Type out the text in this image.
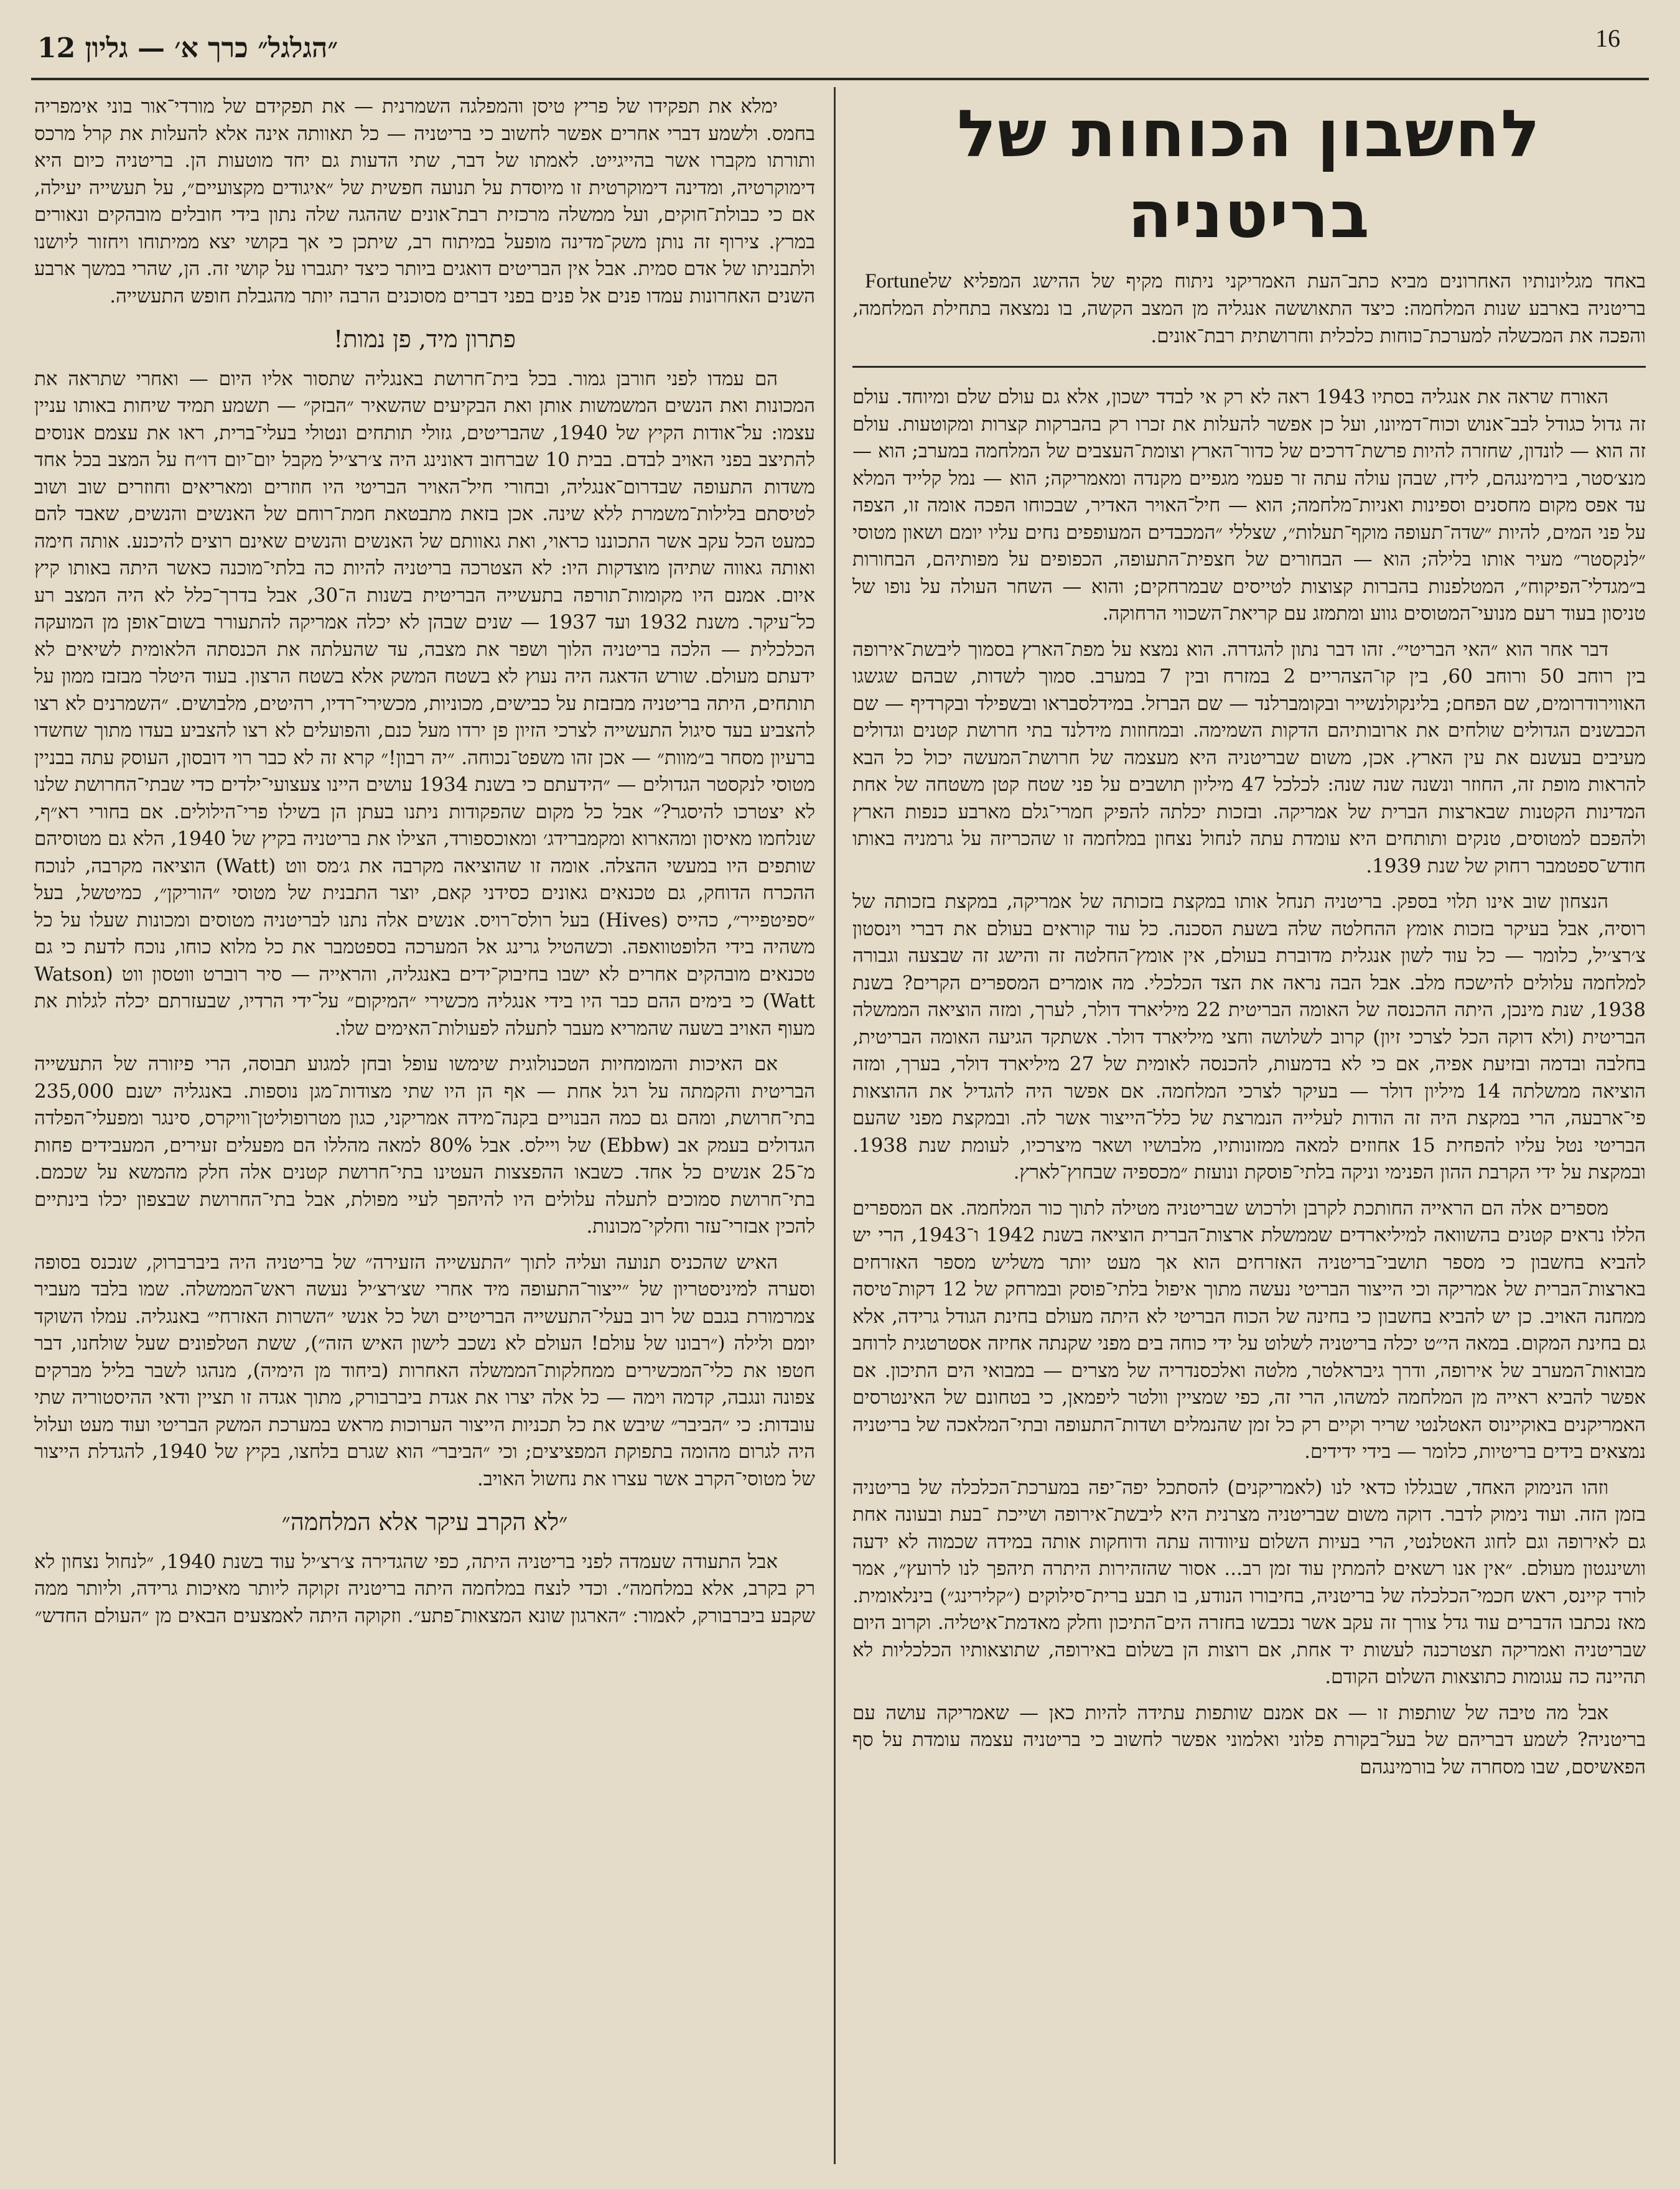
״הגלגל״ כרך א׳ — גליון 12	16
לחשבון הכוחות של בריטניה
Fortune באחד מגליונותיו האחרונים מביא כתב־העת האמריקני ניתוח מקיף של ההישג המפליא של בריטניה בארבע שנות המלחמה: כיצד התאוששה אנגליה מן המצב הקשה, בו נמצאה בתחילת המלחמה, והפכה את המכשלה למערכת־כוחות כלכלית וחרושתית רבת־אונים.

האורח שראה את אנגליה בסתיו 1943 ראה לא רק אי לבדד ישכון, אלא גם עולם שלם ומיוחד. עולם זה גדול כגודל לבב־אנוש וכוח־דמיונו, ועל כן אפשר להעלות את זכרו רק בהברקות קצרות ומקוטעות. עולם זה הוא — לונדון, שחזרה להיות פרשת־דרכים של כדור־הארץ וצומת־העצבים של המלחמה במערב; הוא — מנצ׳סטר, בירמינגהם, לידז, שבהן עולה עתה זר פעמי מגפיים מקנדה ומאמריקה; הוא — נמל קלייד המלא עד אפס מקום מחסנים וספינות ואניות־מלחמה; הוא — חיל־האויר האדיר, שבכוחו הפכה אומה זו, הצפה על פני המים, להיות ״שדה־תעופה מוקף־תעלות״, שצללי ״המכבדים המעופפים נחים עליו יומם ושאון מטוסי ״לנקסטר״ מעיר אותו בלילה; הוא — הבחורים של חצפית־התעופה, הכפופים על מפותיהם, הבחורות ב״מגדלי־הפיקוח״, המטלפנות בהברות קצוצות לטייסים שבמרחקים; והוא — השחר העולה על נופו של טניסון בעוד רעם מנועי־המטוסים גווע ומתמזג עם קריאת־השכווי הרחוקה.

דבר אחר הוא ״האי הבריטי״. זהו דבר נתון להגדרה. הוא נמצא על מפת־הארץ בסמוך ליבשת־אירופה בין רוחב 50 ורוחב 60, בין קו־הצהריים 2 במזרח ובין 7 במערב. סמוך לשדות, שבהם שגשגו האווירודרומים, שם הפחם; בלינקולנשייר ובקומברלנד — שם הברזל. במידלסבראו ובשפילד ובקרדיף — שם הכבשנים הגדולים שולחים את ארובותיהם הדקות השמימה. ובמחוזות מידלנד בתי חרושת קטנים וגדולים מעיבים בעשנם את עין הארץ. אכן, משום שבריטניה היא מעצמה של חרושת־המעשה יכול כל הבא להראות מופת זה, החוזר ונשנה שנה שנה: לכלכל 47 מיליון תושבים על פני שטח קטן משטחה של אחת המדינות הקטנות שבארצות הברית של אמריקה. ובזכות יכלתה להפיק חמרי־גלם מארבע כנפות הארץ ולהפכם למטוסים, טנקים ותותחים היא עומדת עתה לנחול נצחון במלחמה זו שהכריזה על גרמניה באותו חודש־ספטמבר רחוק של שנת 1939.

הנצחון שוב אינו תלוי בספק. בריטניה תנחל אותו במקצת בזכותה של אמריקה, במקצת בזכותה של רוסיה, אבל בעיקר בזכות אומץ ההחלטה שלה בשעת הסכנה. כל עוד קוראים בעולם את דברי וינסטון צ׳רצ׳יל, כלומר — כל עוד לשון אנגלית מדוברת בעולם, אין אומץ־החלטה זה והישג זה שבצעה וגבורה למלחמה עלולים להישכח מלב. אבל הבה נראה את הצד הכלכלי. מה אומרים המספרים הקרים? בשנת 1938, שנת מינכן, היתה ההכנסה של האומה הבריטית 22 מיליארד דולר, לערך, ומזה הוציאה הממשלה הבריטית (ולא דוקה הכל לצרכי זיון) קרוב לשלושה וחצי מיליארד דולר. אשתקד הגיעה האומה הבריטית, בחלבה ובדמה ובזיעת אפיה, אם כי לא בדמעות, להכנסה לאומית של 27 מיליארד דולר, בערך, ומזה הוציאה ממשלתה 14 מיליון דולר — בעיקר לצרכי המלחמה. אם אפשר היה להגדיל את ההוצאות פי־ארבעה, הרי במקצת היה זה הודות לעלייה הנמרצת של כלל־הייצור אשר לה. ובמקצת מפני שהעם הבריטי נטל עליו להפחית 15 אחוזים למאה ממזונותיו, מלבושיו ושאר מיצרכיו, לעומת שנת 1938. ובמקצת על ידי הקרבת ההון הפנימי וניקה בלתי־פוסקת ונועזת ״מכספיה שבחוץ־לארץ.

מספרים אלה הם הראייה החותכת לקרבן ולרכוש שבריטניה מטילה לתוך כור המלחמה. אם המספרים הללו נראים קטנים בהשוואה למיליארדים שממשלת ארצות־הברית הוציאה בשנת 1942 ו־1943, הרי יש להביא בחשבון כי מספר תושבי־בריטניה האזרחים הוא אך מעט יותר משליש מספר האזרחים בארצות־הברית של אמריקה וכי הייצור הבריטי נעשה מתוך איפול בלתי־פוסק ובמרחק של 12 דקות־טיסה ממחנה האויב. כן יש להביא בחשבון כי בחינה של הכוח הבריטי לא היתה מעולם בחינת הגודל גרידה, אלא גם בחינת המקום. במאה הי״ט יכלה בריטניה לשלוט על ידי כוחה בים מפני שקנתה אחיזה אסטרטגית לרוחב מבואות־המערב של אירופה, ודרך גיבראלטר, מלטה ואלכסנדריה של מצרים — במבואי הים התיכון. אם אפשר להביא ראייה מן המלחמה למשהו, הרי זה, כפי שמציין וולטר ליפמאן, כי בטחונם של האינטרסים האמריקנים באוקיינוס האטלנטי שריר וקיים רק כל זמן שהנמלים ושדות־התעופה ובתי־המלאכה של בריטניה נמצאים בידים בריטיות, כלומר — בידי ידידים.

וזהו הנימוק האחד, שבגללו כדאי לנו (לאמריקנים) להסתכל יפה־יפה במערכת־הכלכלה של בריטניה בזמן הזה. ועוד נימוק לדבר. דוקה משום שבריטניה מצרנית היא ליבשת־אירופה ושייכת ־בעת ובעונה אחת גם לאירופה וגם לחוג האטלנטי, הרי בעיות השלום עיוודוה עתה ודוחקות אותה במידה שכמוה לא ידעה וושינגטון מעולם. ״אין אנו רשאים להמתין עוד זמן רב... אסור שהזהירות היתרה תיהפך לנו לרועץ״, אמר לורד קיינס, ראש חכמי־הכלכלה של בריטניה, בחיבורו הנודע, בו תבע ברית־סילוקים (״קלירינג״) בינלאומית. מאז נכתבו הדברים עוד גדל צורך זה עקב אשר נכבשו בחזרה הים־התיכון וחלק מאדמת־איטליה. וקרוב היום שבריטניה ואמריקה תצטרכנה לעשות יד אחת, אם רוצות הן בשלום באירופה, שתוצאותיו הכלכליות לא תהיינה כה עגומות כתוצאות השלום הקודם.

אבל מה טיבה של שותפות זו — אם אמנם שותפות עתידה להיות כאן — שאמריקה עושה עם בריטניה? לשמע דבריהם של בעל־בקורת פלוני ואלמוני אפשר לחשוב כי בריטניה עצמה עומדת על סף הפאשיסם, שבו מסחרה של בורמינגהם

ימלא את תפקידו של פריץ טיסן והמפלגה השמרנית — את תפקידם של מורדי־אור בוני אימפריה בחמס. ולשמע דברי אחרים אפשר לחשוב כי בריטניה — כל תאוותה אינה אלא להעלות את קרל מרכס ותורתו מקברו אשר בהייגייט. לאמתו של דבר, שתי הדעות גם יחד מוטעות הן. בריטניה כיום היא דימוקרטיה, ומדינה דימוקרטית זו מיוסדת על תנועה חפשית של ״איגודים מקצועיים״, על תעשייה יעילה, אם כי כבולת־חוקים, ועל ממשלה מרכזית רבת־אונים שההגה שלה נתון בידי חובלים מובהקים ונאורים במרץ. צירוף זה נותן משק־מדינה מופעל במיתוח רב, שיתכן כי אך בקושי יצא ממיתוחו ויחזור ליושנו ולתבניתו של אדם סמית. אבל אין הבריטים דואגים ביותר כיצד יתגברו על קושי זה. הן, שהרי במשך ארבע השנים האחרונות עמדו פנים אל פנים בפני דברים מסוכנים הרבה יותר מהגבלת חופש התעשייה.

פתרון מיד, פן נמות!

הם עמדו לפני חורבן גמור. בכל בית־חרושת באנגליה שתסור אליו היום — ואחרי שתראה את המכונות ואת הנשים המשמשות אותן ואת הבקיעים שהשאיר ״הבזק״ — תשמע תמיד שיחות באותו עניין עצמו: על־אודות הקיץ של 1940, שהבריטים, גזולי תותחים ונטולי בעלי־ברית, ראו את עצמם אנוסים להתיצב בפני האויב לבדם. בבית 10 שברחוב דאונינג היה צ׳רצ׳יל מקבל יום־יום דו״ח על המצב בכל אחד משדות התעופה שבדרום־אנגליה, ובחורי חיל־האויר הבריטי היו חוזרים ומאריאים וחוזרים שוב ושוב לטיסתם בלילות־משמרת ללא שינה. אכן בזאת מתבטאת חמת־רוחם של האנשים והנשים, שאבד להם כמעט הכל עקב אשר התכוננו כראוי, ואת גאוותם של האנשים והנשים שאינם רוצים להיכנע. אותה חימה ואותה גאווה שתיהן מוצדקות היו: לא הצטרכה בריטניה להיות כה בלתי־מוכנה כאשר היתה באותו קיץ איום. אמנם היו מקומות־תורפה בתעשייה הבריטית בשנות ה־30, אבל בדרך־כלל לא היה המצב רע כל־עיקר. משנת 1932 ועד 1937 — שנים שבהן לא יכלה אמריקה להתעורר בשום־אופן מן המועקה הכלכלית — הלכה בריטניה הלוך ושפר את מצבה, עד שהעלתה את הכנסתה הלאומית לשיאים לא ידעתם מעולם. שורש הדאגה היה נעוץ לא בשטח המשק אלא בשטח הרצון. בעוד היטלר מבזבז ממון על תותחים, היתה בריטניה מבזבזת על כבישים, מכוניות, מכשירי־רדיו, רהיטים, מלבושים. ״השמרנים לא רצו להצביע בעד סיגול התעשייה לצרכי הזיון פן ירדו מעל כנם, והפועלים לא רצו להצביע בעדו מתוך שחשדו ברעיון מסחר ב״מוות״ — אכן זהו משפט־נכוחה. ״יה רבון!״ קרא זה לא כבר רוי דובסון, העוסק עתה בבניין מטוסי לנקסטר הגדולים — ״הידעתם כי בשנת 1934 עושים היינו צעצועי־ילדים כדי שבתי־החרושת שלנו לא יצטרכו להיסגר?״ אבל כל מקום שהפקודות ניתנו בעתן הן בשילו פרי־הילולים. אם בחורי רא״ף, שנלחמו מאיסון ומהארוא ומקמברידג׳ ומאוכספורד, הצילו את בריטניה בקיץ של 1940, הלא גם מטוסיהם שותפים היו במעשי ההצלה. אומה זו שהוציאה מקרבה את ג׳מס ווט (Watt) הוציאה מקרבה, לנוכח ההכרח הדוחק, גם טכנאים גאונים כסידני קאם, יוצר התבנית של מטוסי ״הוריקן״, כמיטשל, בעל ״ספיטפייר״, כהייס (Hives) בעל רולס־רויס. אנשים אלה נתנו לבריטניה מטוסים ומכונות שעלו על כל משהיה בידי הלופטוואפה. וכשהטיל גרינג אל המערכה בספטמבר את כל מלוא כוחו, נוכח לדעת כי גם טכנאים מובהקים אחרים לא ישבו בחיבוק־ידים באנגליה, והראייה — סיר רוברט ווטסון ווט (Watson Watt) כי בימים ההם כבר היו בידי אנגליה מכשירי ״המיקום״ על־ידי הרדיו, שבעזרתם יכלה לגלות את מעוף האויב בשעה שהמריא מעבר לתעלה לפעולות־האימים שלו.

אם האיכות והמומחיות הטכנולוגית שימשו עופל ובחן למגוע תבוסה, הרי פיזורה של התעשייה הבריטית והקמתה על רגל אחת — אף הן היו שתי מצודות־מגן נוספות. באנגליה ישנם 235,000 בתי־חרושת, ומהם גם כמה הבנויים בקנה־מידה אמריקני, כגון מטרופוליטן־וויקרס, סינגר ומפעלי־הפלדה הגדולים בעמק אב (Ebbw) של ויילס. אבל 80% למאה מהללו הם מפעלים זעירים, המעבידים פחות מ־25 אנשים כל אחד. כשבאו ההפצצות העטינו בתי־חרושת קטנים אלה חלק מהמשא על שכמם. בתי־חרושת סמוכים לתעלה עלולים היו להיהפך לעיי מפולת, אבל בתי־החרושת שבצפון יכלו בינתיים להכין אבזרי־עזר וחלקי־מכונות.

האיש שהכניס תנועה ועליה לתוך ״התעשייה הזעירה״ של בריטניה היה ביברברוק, שנכנס בסופה וסערה למיניסטריון של ״ייצור־התעופה מיד אחרי שצ׳רצ׳יל נעשה ראש־הממשלה. שמו בלבד מעביר צמרמורת בגבם של רוב בעלי־התעשייה הבריטיים ושל כל אנשי ״השרות האזרחי״ באנגליה. עמלו השוקד יומם ולילה (״רבונו של עולם! העולם לא נשכב לישון האיש הזה״), ששת הטלפונים שעל שולחנו, דבר חטפו את כלי־המכשירים ממחלקות־הממשלה האחרות (ביחוד מן הימיה), מנהגו לשבר בליל מברקים צפונה ונגבה, קדמה וימה — כל אלה יצרו את אגדת ביברבורק, מתוך אגדה זו תציין ודאי ההיסטוריה שתי עובדות: כי ״הביבר״ שיבש את כל תכניות הייצור הערוכות מראש במערכת המשק הבריטי ועוד מעט ועלול היה לגרום מהומה בתפוקת המפציצים; וכי ״הביבר״ הוא שגרם בלחצו, בקיץ של 1940, להגדלת הייצור של מטוסי־הקרב אשר עצרו את נחשול האויב.

״לא הקרב עיקר אלא המלחמה״

אבל התעודה שעמדה לפני בריטניה היתה, כפי שהגדירה צ׳רצ׳יל עוד בשנת 1940, ״לנחול נצחון לא רק בקרב, אלא במלחמה״. וכדי לנצח במלחמה היתה בריטניה זקוקה ליותר מאיכות גרידה, וליותר ממה שקבע ביברבורק, לאמור: ״הארגון שונא המצאות־פתע״. וזקוקה היתה לאמצעים הבאים מן ״העולם החדש״
